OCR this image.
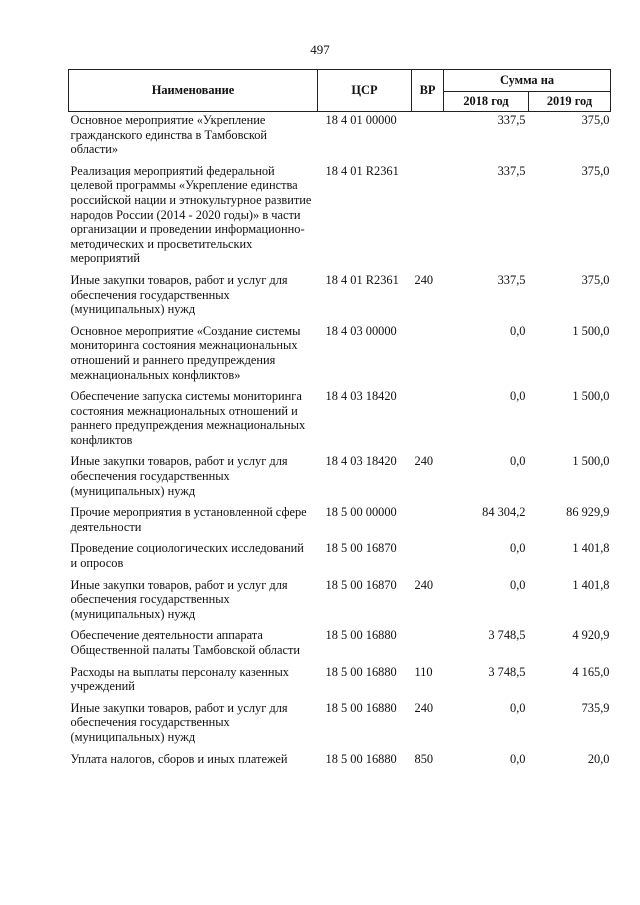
497
Наименование	ЦСР	ВР	Сумма на	
			2018 год	2019 год
Основное мероприятие «Укрепление гражданского единства в Тамбовской области»	18 4 01 00000		337,5	375,0
Реализация мероприятий федеральной целевой программы «Укрепление единства российской нации и этнокультурное развитие народов России (2014 - 2020 годы)» в части организации и проведении информационно-методических и просветительских мероприятий	18 4 01 R2361		337,5	375,0
Иные закупки товаров, работ и услуг для обеспечения государственных (муниципальных) нужд	18 4 01 R2361	240	337,5	375,0
Основное мероприятие «Создание системы мониторинга состояния межнациональных отношений и раннего предупреждения межнациональных конфликтов»	18 4 03 00000		0,0	1 500,0
Обеспечение запуска системы мониторинга состояния межнациональных отношений и раннего предупреждения межнациональных конфликтов	18 4 03 18420		0,0	1 500,0
Иные закупки товаров, работ и услуг для обеспечения государственных (муниципальных) нужд	18 4 03 18420	240	0,0	1 500,0
Прочие мероприятия в установленной сфере деятельности	18 5 00 00000		84 304,2	86 929,9
Проведение социологических исследований и опросов	18 5 00 16870		0,0	1 401,8
Иные закупки товаров, работ и услуг для обеспечения государственных (муниципальных) нужд	18 5 00 16870	240	0,0	1 401,8
Обеспечение деятельности аппарата Общественной палаты Тамбовской области	18 5 00 16880		3 748,5	4 920,9
Расходы на выплаты персоналу казенных учреждений	18 5 00 16880	110	3 748,5	4 165,0
Иные закупки товаров, работ и услуг для обеспечения государственных (муниципальных) нужд	18 5 00 16880	240	0,0	735,9
Уплата налогов, сборов и иных платежей	18 5 00 16880	850	0,0	20,0
